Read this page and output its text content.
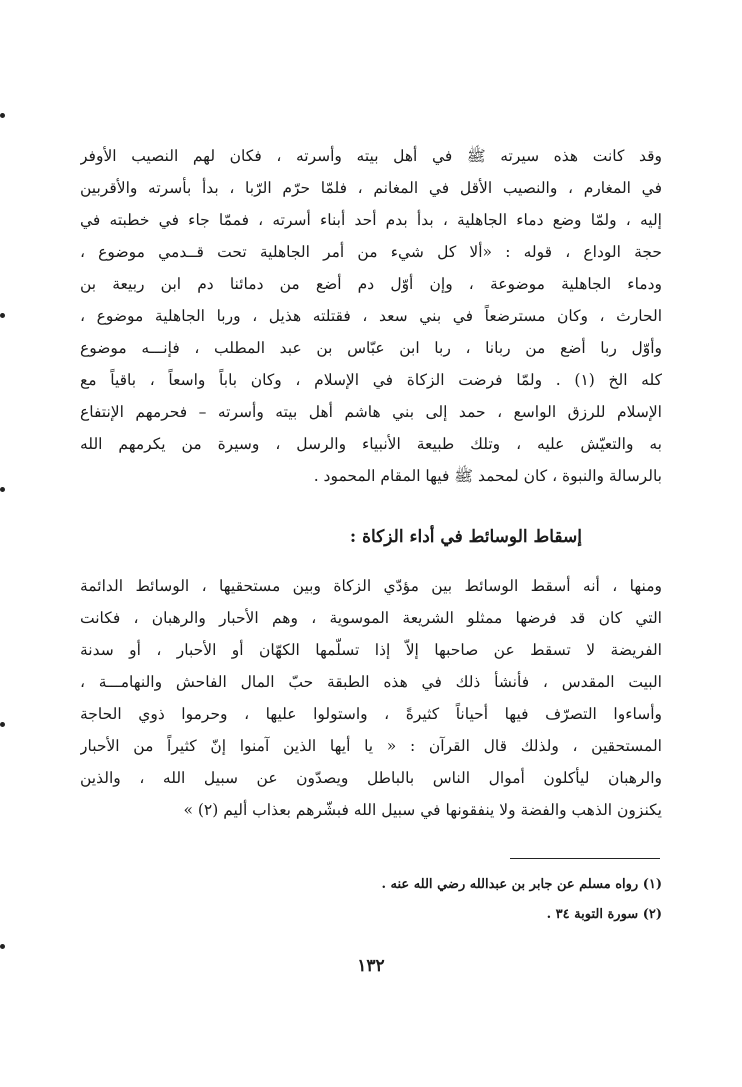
وقد كانت هذه سيرته ﷺ في أهل بيته وأسرته ، فكان لهم النصيب الأوفر
في المغارم ، والنصيب الأقل في المغانم ، فلمّا حرّم الرّبا ، بدأ بأسرته والأقربين
إليه ، ولمّا وضع دماء الجاهلية ، بدأ بدم أحد أبناء أسرته ، فممّا جاء في خطبته في
حجة الوداع ، قوله : «ألا كل شيء من أمر الجاهلية تحت قــدمي موضوع ،
ودماء الجاهلية موضوعة ، وإن أوّل دم أضع من دمائنا دم ابن ربيعة بن
الحارث ، وكان مسترضعاً في بني سعد ، فقتلته هذيل ، وربا الجاهلية موضوع ،
وأوّل ربا أضع من ربانا ، ربا ابن عبّاس بن عبد المطلب ، فإنـــه موضوع
كله الخ (١) . ولمّا فرضت الزكاة في الإسلام ، وكان باباً واسعاً ، باقياً مع
الإسلام للرزق الواسع ، حمد إلى بني هاشم أهل بيته وأسرته – فحرمهم الإنتفاع
به والتعيّش عليه ، وتلك طبيعة الأنبياء والرسل ، وسيرة من يكرمهم الله
بالرسالة والنبوة ، كان لمحمد ﷺ فيها المقام المحمود .
إسقاط الوسائط في أداء الزكاة :
ومنها ، أنه أسقط الوسائط بين مؤدّي الزكاة وبين مستحقيها ، الوسائط الدائمة
التي كان قد فرضها ممثلو الشريعة الموسوية ، وهم الأحبار والرهبان ، فكانت
الفريضة لا تسقط عن صاحبها إلاّ إذا تسلّمها الكهّان أو الأحبار ، أو سدنة
البيت المقدس ، فأنشأ ذلك في هذه الطبقة حبّ المال الفاحش والنهامـــة ،
وأساءوا التصرّف فيها أحياناً كثيرةً ، واستولوا عليها ، وحرموا ذوي الحاجة
المستحقين ، ولذلك قال القرآن : « يا أيها الذين آمنوا إنّ كثيراً من الأحبار
والرهبان ليأكلون أموال الناس بالباطل ويصدّون عن سبيل الله ، والذين
يكنزون الذهب والفضة ولا ينفقونها في سبيل الله فبشّرهم بعذاب أليم (٢) »
(١) رواه مسلم عن جابر بن عبدالله رضي الله عنه .
(٢) سورة التوبة ٣٤ .
١٣٢
